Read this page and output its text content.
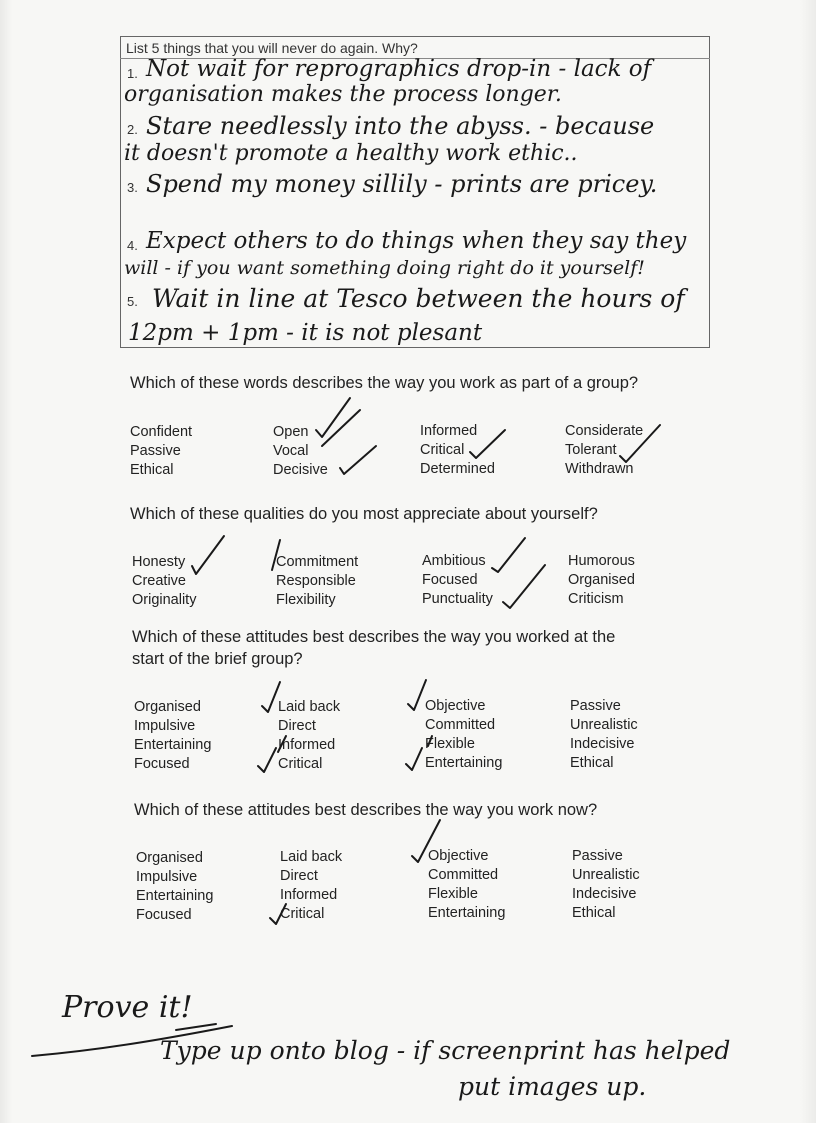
List 5 things that you will never do again. Why?
1. Not wait for reprographics drop-in - lack of
organisation makes the process longer.
2. Stare needlessly into the abyss. - because
it doesn't promote a healthy work ethic..
3. Spend my money sillily - prints are pricey.
4. Expect others to do things when they say they
will - if you want something doing right do it yourself!
5. Wait in line at Tesco between the hours of
12pm + 1pm - it is not plesant
Which of these words describes the way you work as part of a group?
Confident
Passive
Ethical
Open
Vocal
Decisive
Informed
Critical
Determined
Considerate
Tolerant
Withdrawn
Which of these qualities do you most appreciate about yourself?
Honesty
Creative
Originality
Commitment
Responsible
Flexibility
Ambitious
Focused
Punctuality
Humorous
Organised
Criticism
Which of these attitudes best describes the way you worked at the
start of the brief group?
Organised
Impulsive
Entertaining
Focused
Laid back
Direct
Informed
Critical
Objective
Committed
Flexible
Entertaining
Passive
Unrealistic
Indecisive
Ethical
Which of these attitudes best describes the way you work now?
Organised
Impulsive
Entertaining
Focused
Laid back
Direct
Informed
Critical
Objective
Committed
Flexible
Entertaining
Passive
Unrealistic
Indecisive
Ethical
Prove it!
Type up onto blog - if screenprint has helped
put images up.
